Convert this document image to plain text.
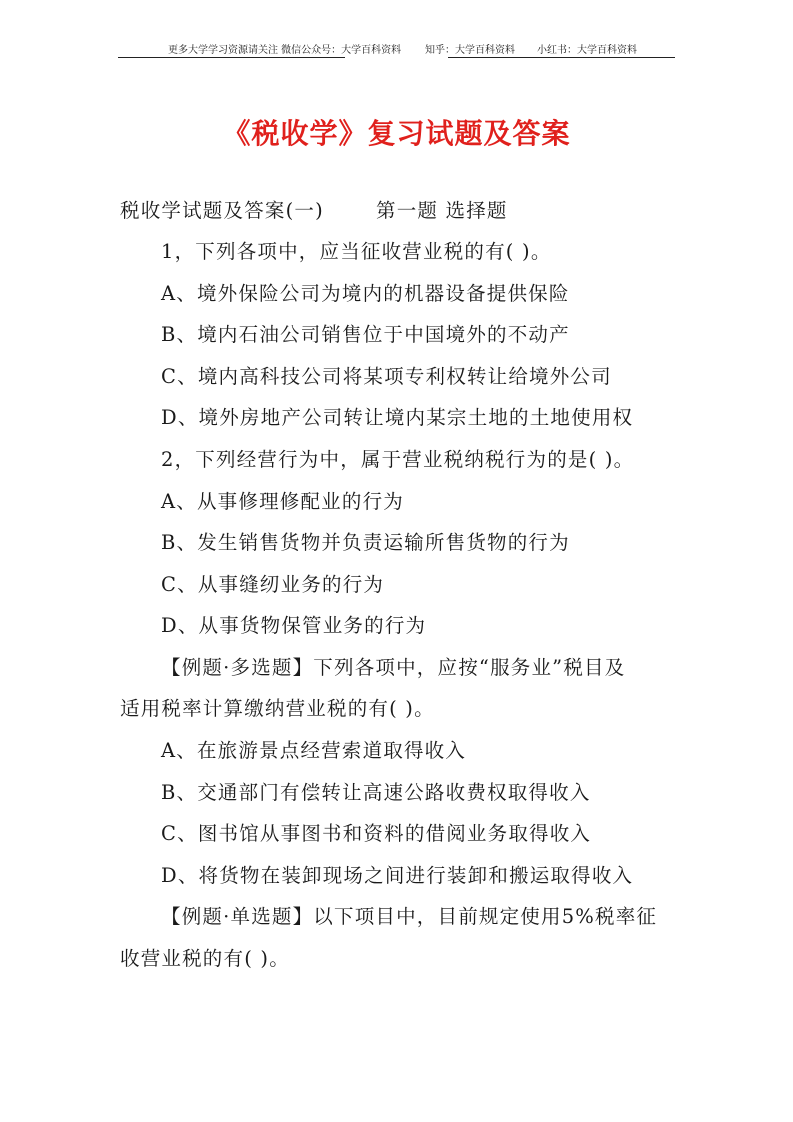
更多大学学习资源请关注 微信公众号：大学百科资料 知乎：大学百科资料 小红书：大学百科资料
《税收学》复习试题及答案
税收学试题及答案(一)	第一题 选择题
1，下列各项中，应当征收营业税的有( )。
A、境外保险公司为境内的机器设备提供保险
B、境内石油公司销售位于中国境外的不动产
C、境内高科技公司将某项专利权转让给境外公司
D、境外房地产公司转让境内某宗土地的土地使用权
2，下列经营行为中，属于营业税纳税行为的是( )。
A、从事修理修配业的行为
B、发生销售货物并负责运输所售货物的行为
C、从事缝纫业务的行为
D、从事货物保管业务的行为
【例题·多选题】下列各项中，应按“服务业”税目及
适用税率计算缴纳营业税的有( )。
A、在旅游景点经营索道取得收入
B、交通部门有偿转让高速公路收费权取得收入
C、图书馆从事图书和资料的借阅业务取得收入
D、将货物在装卸现场之间进行装卸和搬运取得收入
【例题·单选题】以下项目中，目前规定使用5%税率征
收营业税的有( )。
